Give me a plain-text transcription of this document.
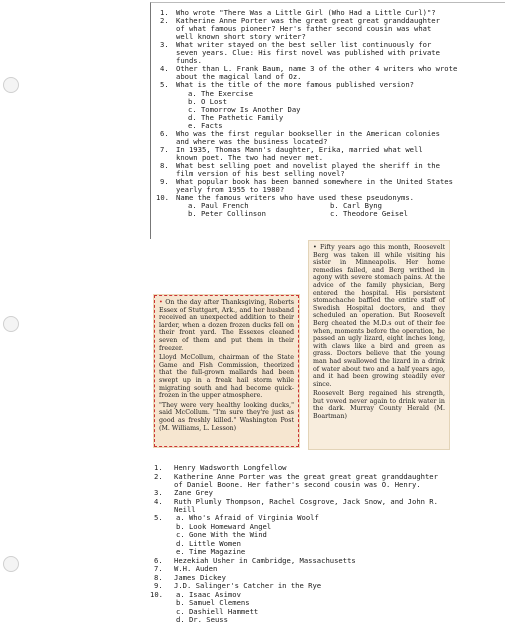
1. Who wrote "There Was a Little Girl (Who Had a Little Curl)"?
2. Katherine Anne Porter was the great great great granddaughter
of what famous pioneer? Her's father second cousin was what
well known short story writer?
3. What writer stayed on the best seller list continuously for
seven years. Clue: His first novel was published with private
funds.
4. Other than L. Frank Baum, name 3 of the other 4 writers who wrote
about the magical land of Oz.
5. What is the title of the more famous published version?
a. The Exercise
b. O Lost
c. Tomorrow Is Another Day
d. The Pathetic Family
e. Facts
6. Who was the first regular bookseller in the American colonies
and where was the business located?
7. In 1935, Thomas Mann's daughter, Erika, married what well
known poet. The two had never met.
8. What best selling poet and novelist played the sheriff in the
film version of his best selling novel?
9. What popular book has been banned somewhere in the United States
yearly from 1955 to 1980?
10. Name the famous writers who have used these pseudonyms.
a. Paul French	b. Carl Byng
b. Peter Collinson	c. Theodore Geisel

• On the day after Thanksgiving, Roberts Essex of Stuttgart, Ark., and her husband received an unexpected addition to their larder, when a dozen frozen ducks fell on their front yard. The Essexes cleaned seven of them and put them in their freezer.

Lloyd McCollum, chairman of the State Game and Fish Commission, theorized that the full-grown mallards had been swept up in a freak hail storm while migrating south and had become quick-frozen in the upper atmosphere.

"They were very healthy looking ducks," said McCollum. "I'm sure they're just as good as freshly killed." Washington Post (M. Williams, L. Lesson)

• Fifty years ago this month, Roosevelt Berg was taken ill while visiting his sister in Minneapolis. Her home remedies failed, and Berg writhed in agony with severe stomach pains. At the advice of the family physician, Berg entered the hospital. His persistent stomachache baffled the entire staff of Swedish Hospital doctors, and they scheduled an operation. But Roosevelt Berg cheated the M.D.s out of their fee when, moments before the operation, he passed an ugly lizard, eight inches long, with claws like a bird and green as grass. Doctors believe that the young man had swallowed the lizard in a drink of water about two and a half years ago, and it had been growing steadily ever since.

Roosevelt Berg regained his strength, but vowed never again to drink water in the dark. Murray County Herald (M. Boartman)

1. Henry Wadsworth Longfellow
2. Katherine Anne Porter was the great great great granddaughter
of Daniel Boone. Her father's second cousin was O. Henry.
3. Zane Grey
4. Ruth Plumly Thompson, Rachel Cosgrove, Jack Snow, and John R.
Neill
5. a. Who's Afraid of Virginia Woolf
b. Look Homeward Angel
c. Gone With the Wind
d. Little Women
e. Time Magazine
6. Hezekiah Usher in Cambridge, Massachusetts
7. W.H. Auden
8. James Dickey
9. J.D. Salinger's Catcher in the Rye
10. a. Isaac Asimov
b. Samuel Clemens
c. Dashiell Hammett
d. Dr. Seuss
